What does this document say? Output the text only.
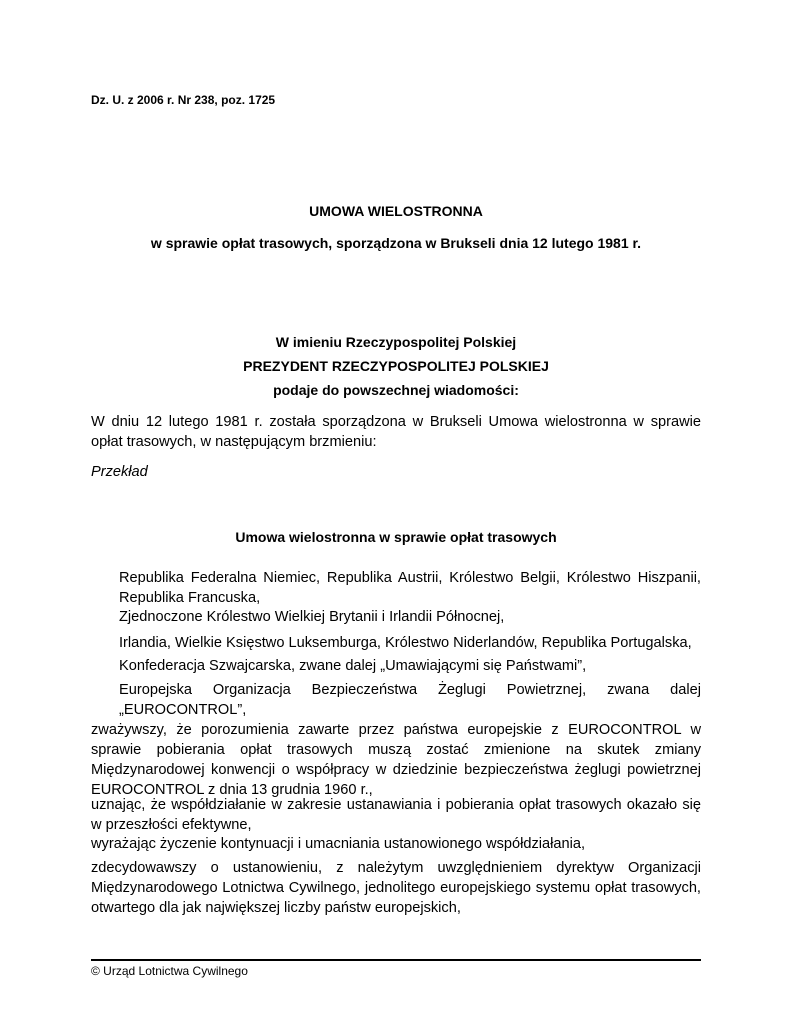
Dz. U. z 2006 r. Nr 238, poz. 1725
UMOWA WIELOSTRONNA
w sprawie opłat trasowych, sporządzona w Brukseli dnia 12 lutego 1981 r.
W imieniu Rzeczypospolitej Polskiej
PREZYDENT RZECZYPOSPOLITEJ POLSKIEJ
podaje do powszechnej wiadomości:
W dniu 12 lutego 1981 r. została sporządzona w Brukseli Umowa wielostronna w sprawie opłat trasowych, w następującym brzmieniu:
Przekład
Umowa wielostronna w sprawie opłat trasowych
Republika Federalna Niemiec, Republika Austrii, Królestwo Belgii, Królestwo Hiszpanii, Republika Francuska,
Zjednoczone Królestwo Wielkiej Brytanii i Irlandii Północnej,
Irlandia, Wielkie Księstwo Luksemburga, Królestwo Niderlandów, Republika Portugalska,
Konfederacja Szwajcarska, zwane dalej „Umawiającymi się Państwami”,
Europejska Organizacja Bezpieczeństwa Żeglugi Powietrznej, zwana dalej „EUROCONTROL”,
zważywszy, że porozumienia zawarte przez państwa europejskie z EUROCONTROL w sprawie pobierania opłat trasowych muszą zostać zmienione na skutek zmiany Międzynarodowej konwencji o współpracy w dziedzinie bezpieczeństwa żeglugi powietrznej EUROCONTROL z dnia 13 grudnia 1960 r.,
uznając, że współdziałanie w zakresie ustanawiania i pobierania opłat trasowych okazało się w przeszłości efektywne,
wyrażając życzenie kontynuacji i umacniania ustanowionego współdziałania,
zdecydowawszy o ustanowieniu, z należytym uwzględnieniem dyrektyw Organizacji Międzynarodowego Lotnictwa Cywilnego, jednolitego europejskiego systemu opłat trasowych, otwartego dla jak największej liczby państw europejskich,
© Urząd Lotnictwa Cywilnego
